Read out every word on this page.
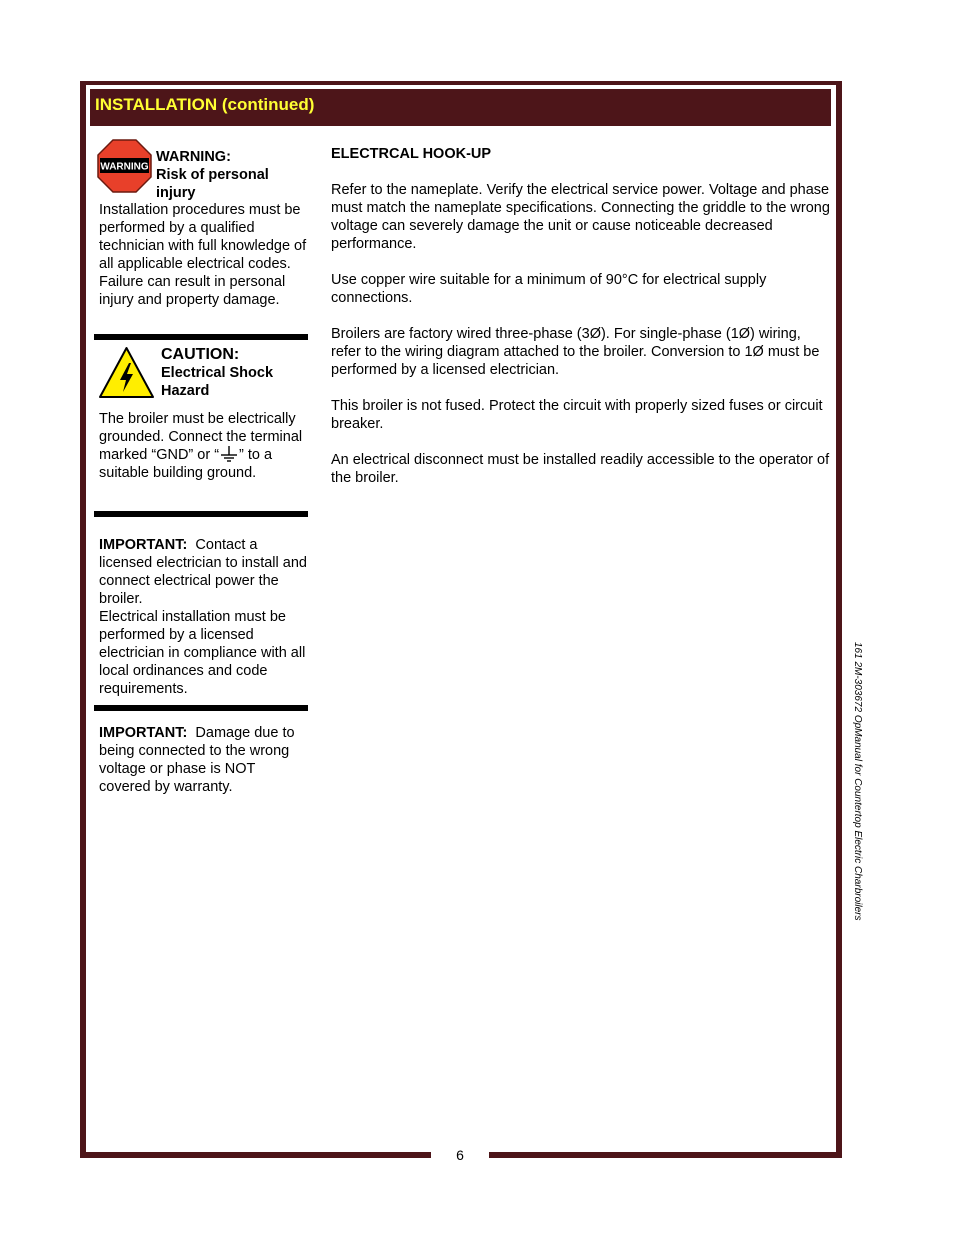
INSTALLATION (continued)
WARNING
WARNING:
Risk of personal injury
Installation procedures must be performed by a qualified technician with full knowledge of all applicable electrical codes. Failure can result in personal injury and property damage.
CAUTION:
Electrical Shock Hazard
The broiler must be electrically grounded. Connect the terminal marked “GND” or “ ” to a suitable building ground.
IMPORTANT: Contact a licensed electrician to install and connect electrical power the broiler.
Electrical installation must be performed by a licensed electrician in compliance with all local ordinances and code requirements.
IMPORTANT: Damage due to being connected to the wrong voltage or phase is NOT covered by warranty.

ELECTRCAL HOOK-UP

Refer to the nameplate. Verify the electrical service power. Voltage and phase must match the nameplate specifications. Connecting the griddle to the wrong voltage can severely damage the unit or cause noticeable decreased performance.

Use copper wire suitable for a minimum of 90°C for electrical supply connections.

Broilers are factory wired three-phase (3Ø). For single-phase (1Ø) wiring, refer to the wiring diagram attached to the broiler. Conversion to 1Ø must be performed by a licensed electrician.

This broiler is not fused. Protect the circuit with properly sized fuses or circuit breaker.

An electrical disconnect must be installed readily accessible to the operator of the broiler.

161 2M-303672 OpManual for Countertop Electric Charbroilers
6
